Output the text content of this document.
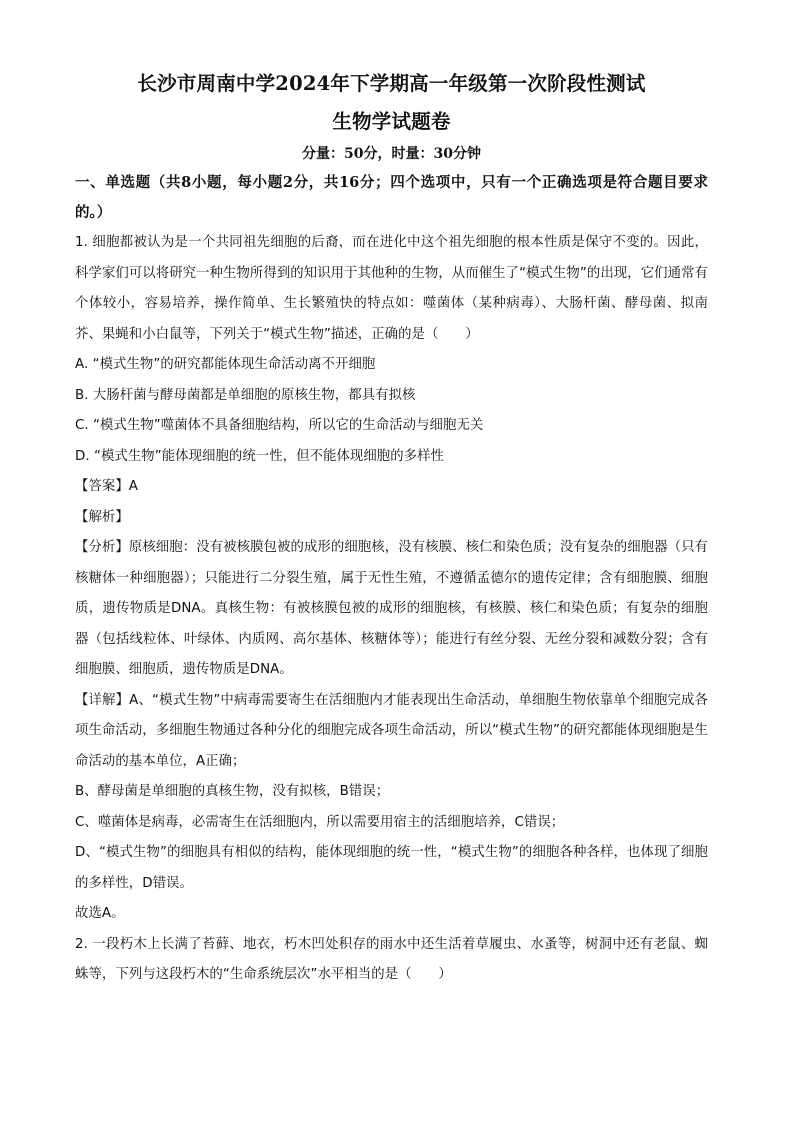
长沙市周南中学2024年下学期高一年级第一次阶段性测试
生物学试题卷

分量：50分，时量：30分钟

一、单选题（共8小题，每小题2分，共16分；四个选项中，只有一个正确选项是符合题目要求的。）

1. 细胞都被认为是一个共同祖先细胞的后裔，而在进化中这个祖先细胞的根本性质是保守不变的。因此，科学家们可以将研究一种生物所得到的知识用于其他种的生物，从而催生了“模式生物”的出现，它们通常有个体较小，容易培养，操作简单、生长繁殖快的特点如：噬菌体（某种病毒）、大肠杆菌、酵母菌、拟南芥、果蝇和小白鼠等，下列关于“模式生物”描述，正确的是（　　）

A. “模式生物”的研究都能体现生命活动离不开细胞

B. 大肠杆菌与酵母菌都是单细胞的原核生物，都具有拟核

C. “模式生物”噬菌体不具备细胞结构，所以它的生命活动与细胞无关

D. “模式生物”能体现细胞的统一性，但不能体现细胞的多样性

【答案】A

【解析】

【分析】原核细胞：没有被核膜包被的成形的细胞核，没有核膜、核仁和染色质；没有复杂的细胞器（只有核糖体一种细胞器）；只能进行二分裂生殖，属于无性生殖，不遵循孟德尔的遗传定律；含有细胞膜、细胞质，遗传物质是DNA。真核生物：有被核膜包被的成形的细胞核，有核膜、核仁和染色质；有复杂的细胞器（包括线粒体、叶绿体、内质网、高尔基体、核糖体等）；能进行有丝分裂、无丝分裂和减数分裂；含有细胞膜、细胞质，遗传物质是DNA。

【详解】A、“模式生物”中病毒需要寄生在活细胞内才能表现出生命活动，单细胞生物依靠单个细胞完成各项生命活动，多细胞生物通过各种分化的细胞完成各项生命活动，所以“模式生物”的研究都能体现细胞是生命活动的基本单位，A正确；

B、酵母菌是单细胞的真核生物，没有拟核，B错误；

C、噬菌体是病毒，必需寄生在活细胞内，所以需要用宿主的活细胞培养，C错误；

D、“模式生物”的细胞具有相似的结构，能体现细胞的统一性，“模式生物”的细胞各种各样，也体现了细胞的多样性，D错误。

故选A。

2. 一段朽木上长满了苔藓、地衣，朽木凹处积存的雨水中还生活着草履虫、水蚤等，树洞中还有老鼠、蜘蛛等，下列与这段朽木的“生命系统层次”水平相当的是（　　）
